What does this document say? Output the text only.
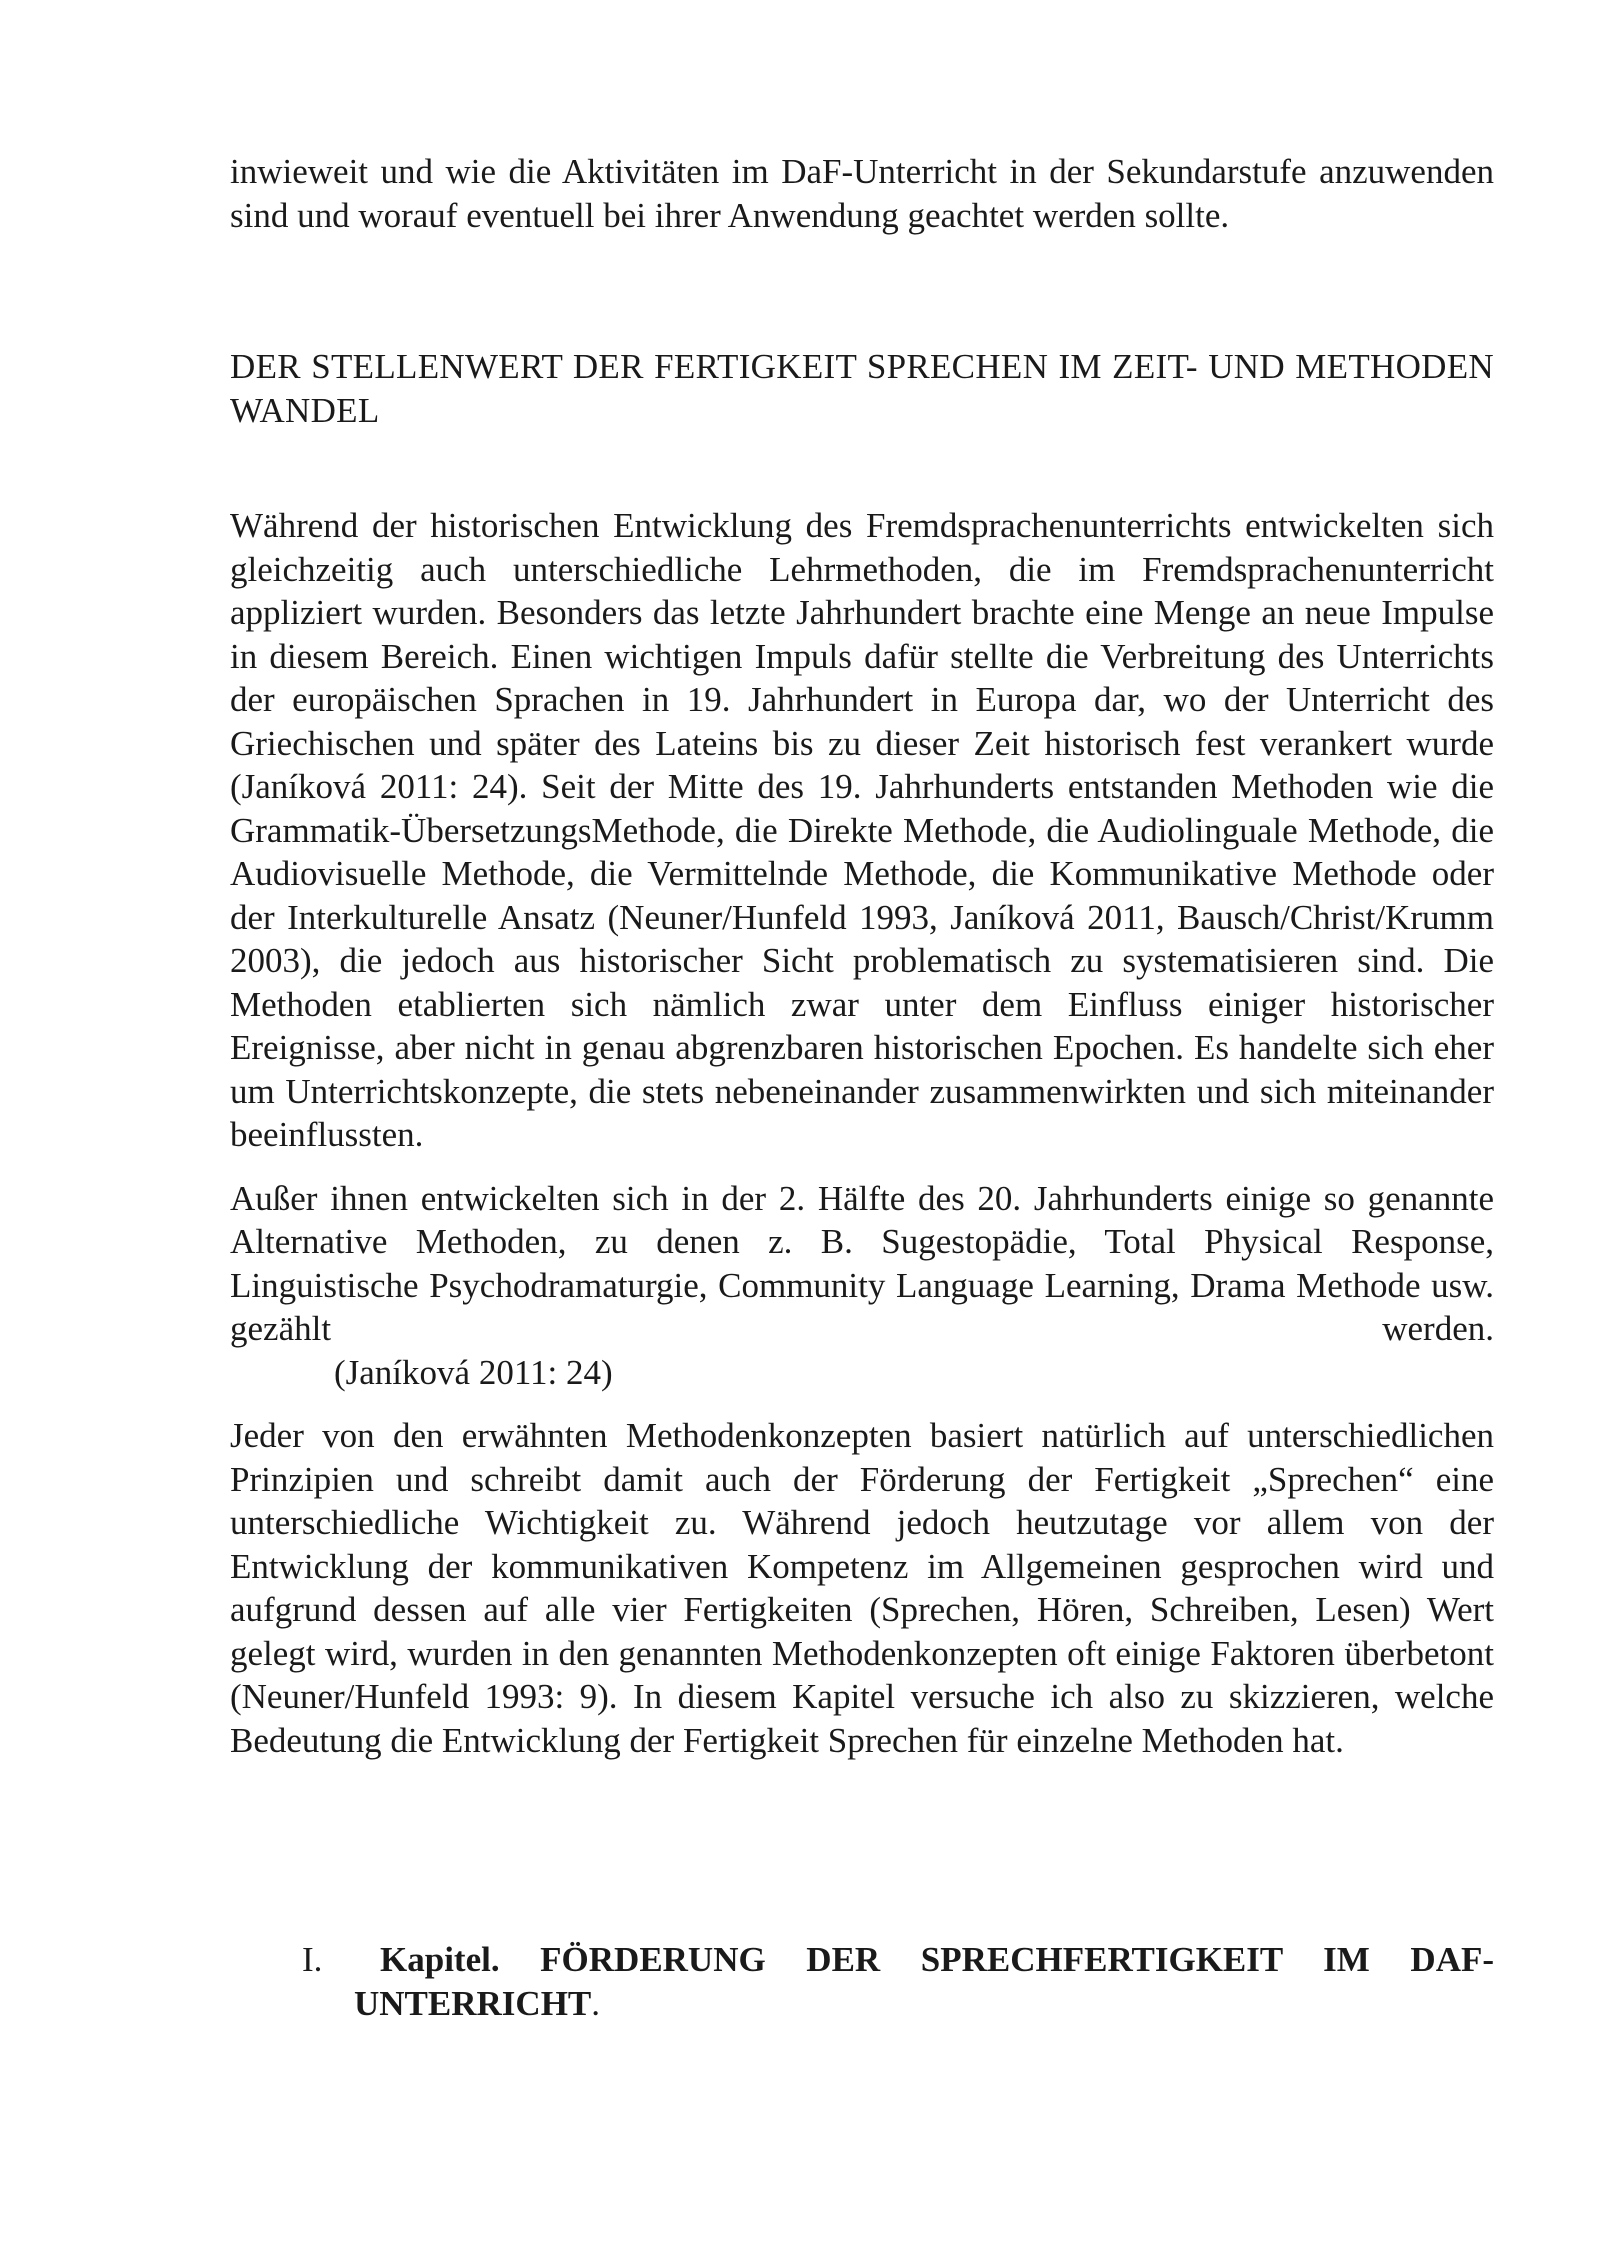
inwieweit und wie die Aktivitäten im DaF-Unterricht in der Sekundarstufe anzuwenden sind und worauf eventuell bei ihrer Anwendung geachtet werden sollte.

DER STELLENWERT DER FERTIGKEIT SPRECHEN IM ZEIT- UND METHODEN WANDEL

Während der historischen Entwicklung des Fremdsprachenunterrichts entwickelten sich gleichzeitig auch unterschiedliche Lehrmethoden, die im Fremdsprachenunterricht appliziert wurden. Besonders das letzte Jahrhundert brachte eine Menge an neue Impulse in diesem Bereich. Einen wichtigen Impuls dafür stellte die Verbreitung des Unterrichts der europäischen Sprachen in 19. Jahrhundert in Europa dar, wo der Unterricht des Griechischen und später des Lateins bis zu dieser Zeit historisch fest verankert wurde (Janíková 2011: 24). Seit der Mitte des 19. Jahrhunderts entstanden Methoden wie die Grammatik-ÜbersetzungsMethode, die Direkte Methode, die Audiolinguale Methode, die Audiovisuelle Methode, die Vermittelnde Methode, die Kommunikative Methode oder der Interkulturelle Ansatz (Neuner/Hunfeld 1993, Janíková 2011, Bausch/Christ/Krumm 2003), die jedoch aus historischer Sicht problematisch zu systematisieren sind. Die Methoden etablierten sich nämlich zwar unter dem Einfluss einiger historischer Ereignisse, aber nicht in genau abgrenzbaren historischen Epochen. Es handelte sich eher um Unterrichtskonzepte, die stets nebeneinander zusammenwirkten und sich miteinander beeinflussten.

Außer ihnen entwickelten sich in der 2. Hälfte des 20. Jahrhunderts einige so genannte Alternative Methoden, zu denen z. B. Sugestopädie, Total Physical Response, Linguistische Psychodramaturgie, Community Language Learning, Drama Methode usw. gezählt werden.

(Janíková 2011: 24)

Jeder von den erwähnten Methodenkonzepten basiert natürlich auf unterschiedlichen Prinzipien und schreibt damit auch der Förderung der Fertigkeit „Sprechen“ eine unterschiedliche Wichtigkeit zu. Während jedoch heutzutage vor allem von der Entwicklung der kommunikativen Kompetenz im Allgemeinen gesprochen wird und aufgrund dessen auf alle vier Fertigkeiten (Sprechen, Hören, Schreiben, Lesen) Wert gelegt wird, wurden in den genannten Methodenkonzepten oft einige Faktoren überbetont (Neuner/Hunfeld 1993: 9). In diesem Kapitel versuche ich also zu skizzieren, welche Bedeutung die Entwicklung der Fertigkeit Sprechen für einzelne Methoden hat.

I.	Kapitel. FÖRDERUNG DER SPRECHFERTIGKEIT IM DAF-UNTERRICHT.
